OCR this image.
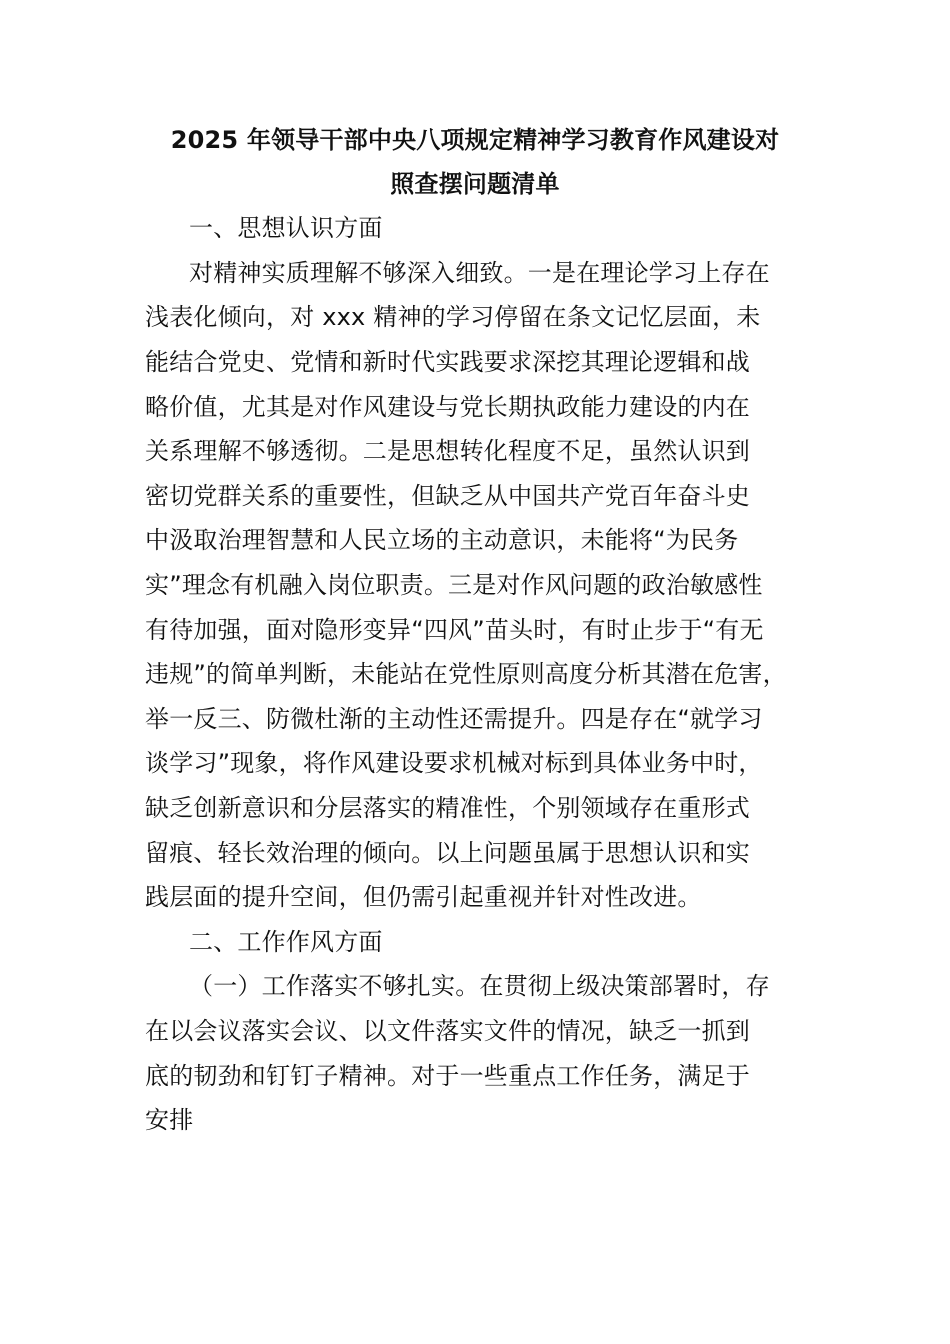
2025 年领导干部中央八项规定精神学习教育作风建设对
照查摆问题清单
一、思想认识方面
对精神实质理解不够深入细致。一是在理论学习上存在
浅表化倾向，对 xxx 精神的学习停留在条文记忆层面，未
能结合党史、党情和新时代实践要求深挖其理论逻辑和战
略价值，尤其是对作风建设与党长期执政能力建设的内在
关系理解不够透彻。二是思想转化程度不足，虽然认识到
密切党群关系的重要性，但缺乏从中国共产党百年奋斗史
中汲取治理智慧和人民立场的主动意识，未能将“为民务
实”理念有机融入岗位职责。三是对作风问题的政治敏感性
有待加强，面对隐形变异“四风”苗头时，有时止步于“有无
违规”的简单判断，未能站在党性原则高度分析其潜在危害，
举一反三、防微杜渐的主动性还需提升。四是存在“就学习
谈学习”现象，将作风建设要求机械对标到具体业务中时，
缺乏创新意识和分层落实的精准性，个别领域存在重形式
留痕、轻长效治理的倾向。以上问题虽属于思想认识和实
践层面的提升空间，但仍需引起重视并针对性改进。
二、工作作风方面
（一）工作落实不够扎实。在贯彻上级决策部署时，存
在以会议落实会议、以文件落实文件的情况，缺乏一抓到
底的韧劲和钉钉子精神。对于一些重点工作任务，满足于
安排
